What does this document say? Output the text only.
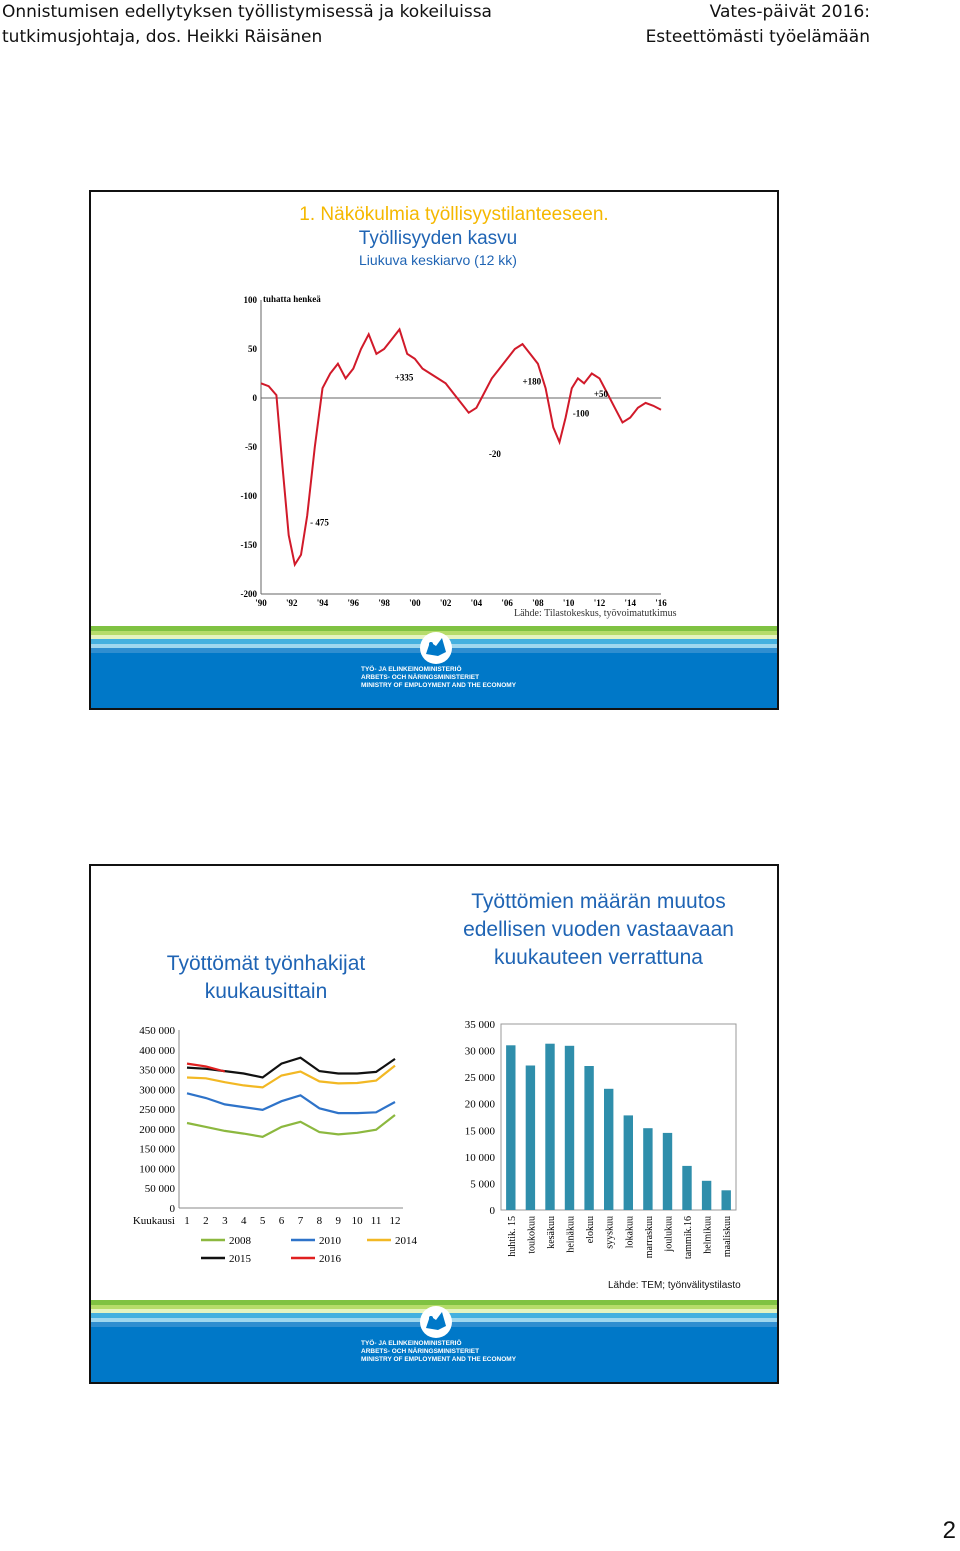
Onnistumisen edellytyksen työllistymisessä ja kokeiluissa
tutkimusjohtaja, dos. Heikki Räisänen
Vates-päivät 2016:
Esteettömästi työelämään
1. Näkökulmia työllisyystilanteeseen.
Työllisyyden kasvu
Liukuva keskiarvo (12 kk)
tuhatta henkeä
100
50
0
-50
-100
-150
-200
'90 '92 '94 '96 '98 '00 '02 '04 '06 '08 '10 '12 '14 '16
+335	+180
+50
- 475
-20
-100
Lähde: Tilastokeskus, työvoimatutkimus
TYÖ- JA ELINKEINOMINISTERIÖ
ARBETS- OCH NÄRINGSMINISTERIET
MINISTRY OF EMPLOYMENT AND THE ECONOMY
Työttömät työnhakijat kuukausittain
Työttömien määrän muutos edellisen vuoden vastaavaan kuukauteen verrattuna
450 000
400 000
350 000
300 000
250 000
200 000
150 000
100 000
50 000
0
1 2 3 4 5 6 7 8 9 10 11 12
Kuukausi
2008	2010	2014
2015	2016
35 000
30 000
25 000
20 000
15 000
10 000
5 000
0
huhtik. 15 toukokuu kesäkuu heinäkuu elokuu syyskuu lokakuu marraskuu joulukuu tammik.16 helmikuu maaliskuu
Lähde: TEM; työnvälitystilasto
TYÖ- JA ELINKEINOMINISTERIÖ
ARBETS- OCH NÄRINGSMINISTERIET
MINISTRY OF EMPLOYMENT AND THE ECONOMY
2
